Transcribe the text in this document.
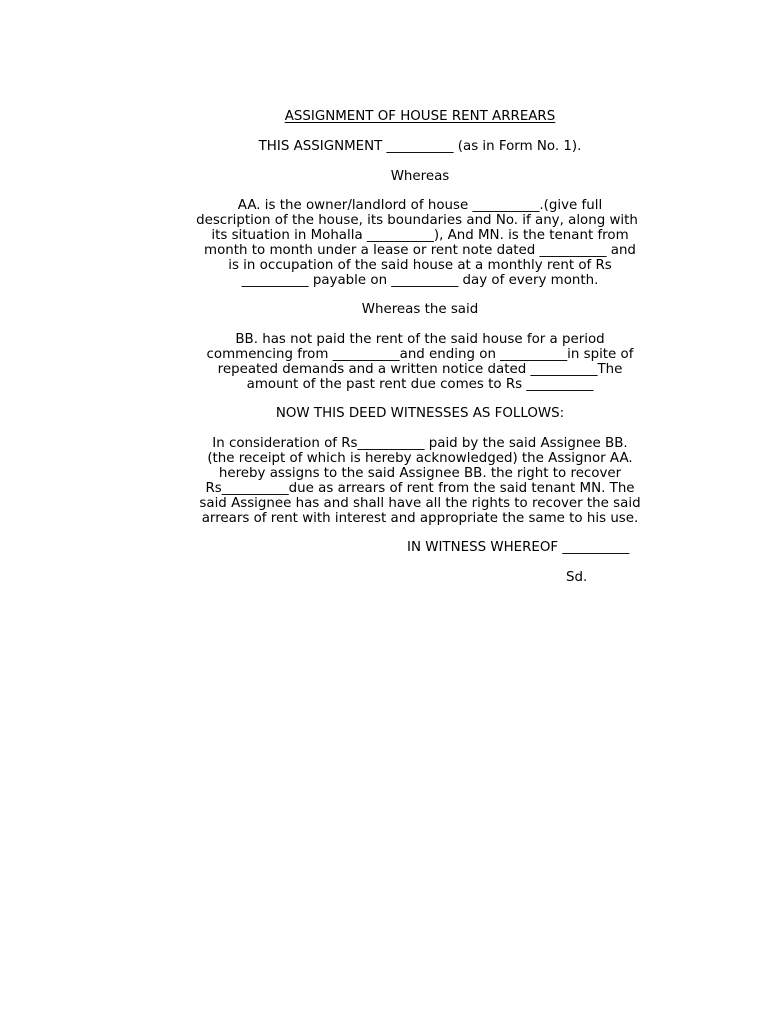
ASSIGNMENT OF HOUSE RENT ARREARS

THIS ASSIGNMENT __________ (as in Form No. 1).

Whereas

AA. is the owner/landlord of house __________.(give full

description of the house, its boundaries and No. if any, along with

its situation in Mohalla __________), And MN. is the tenant from

month to month under a lease or rent note dated __________ and

is in occupation of the said house at a monthly rent of Rs

__________ payable on __________ day of every month.

Whereas the said

BB. has not paid the rent of the said house for a period

commencing from __________and ending on __________in spite of

repeated demands and a written notice dated __________The

amount of the past rent due comes to Rs __________

NOW THIS DEED WITNESSES AS FOLLOWS:

In consideration of Rs__________ paid by the said Assignee BB.

(the receipt of which is hereby acknowledged) the Assignor AA.

hereby assigns to the said Assignee BB. the right to recover

Rs__________due as arrears of rent from the said tenant MN. The

said Assignee has and shall have all the rights to recover the said

arrears of rent with interest and appropriate the same to his use.

IN WITNESS WHEREOF __________

Sd.
